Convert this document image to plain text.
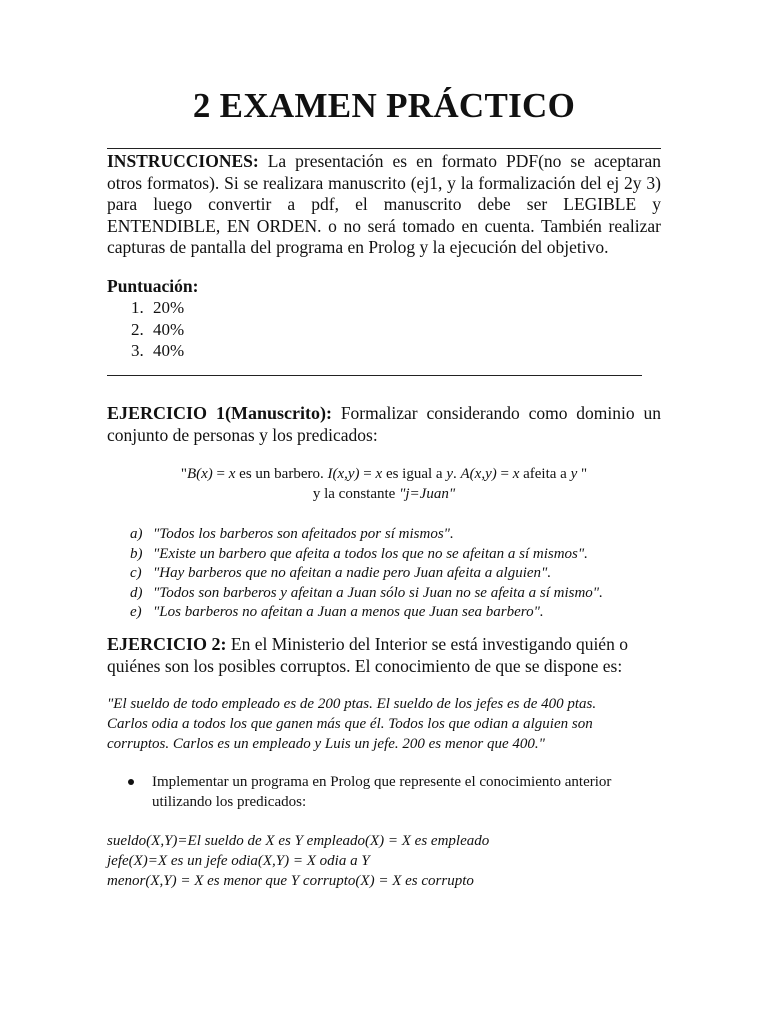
2 EXAMEN PRÁCTICO

INSTRUCCIONES: La presentación es en formato PDF(no se aceptaran otros formatos). Si se realizara manuscrito (ej1, y la formalización del ej 2y 3) para luego convertir a pdf, el manuscrito debe ser LEGIBLE y ENTENDIBLE, EN ORDEN. o no será tomado en cuenta. También realizar capturas de pantalla del programa en Prolog y la ejecución del objetivo.

Puntuación:
1. 20%
2. 40%
3. 40%

EJERCICIO 1(Manuscrito): Formalizar considerando como dominio un conjunto de personas y los predicados:

"B(x) = x es un barbero. I(x,y) = x es igual a y. A(x,y) = x afeita a y "
y la constante "j=Juan"
a) "Todos los barberos son afeitados por sí mismos".
b) "Existe un barbero que afeita a todos los que no se afeitan a sí mismos".
c) "Hay barberos que no afeitan a nadie pero Juan afeita a alguien".
d) "Todos son barberos y afeitan a Juan sólo si Juan no se afeita a sí mismo".
e) "Los barberos no afeitan a Juan a menos que Juan sea barbero".

EJERCICIO 2: En el Ministerio del Interior se está investigando quién o quiénes son los posibles corruptos. El conocimiento de que se dispone es:

"El sueldo de todo empleado es de 200 ptas. El sueldo de los jefes es de 400 ptas.
Carlos odia a todos los que ganen más que él. Todos los que odian a alguien son
corruptos. Carlos es un empleado y Luis un jefe. 200 es menor que 400."
Implementar un programa en Prolog que represente el conocimiento anterior utilizando los predicados:
sueldo(X,Y)=El sueldo de X es Y empleado(X) = X es empleado
jefe(X)=X es un jefe odia(X,Y) = X odia a Y
menor(X,Y) = X es menor que Y corrupto(X) = X es corrupto
